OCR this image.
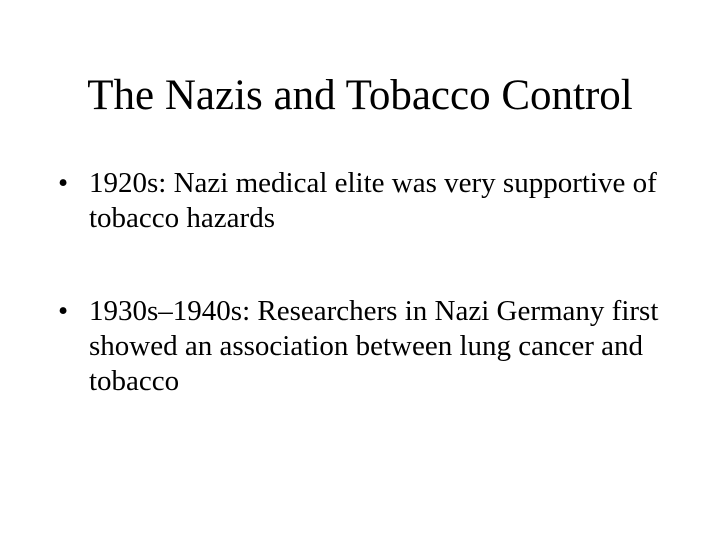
The Nazis and Tobacco Control
• 1920s: Nazi medical elite was very supportive of tobacco hazards
• 1930s–1940s: Researchers in Nazi Germany first showed an association between lung cancer and tobacco
